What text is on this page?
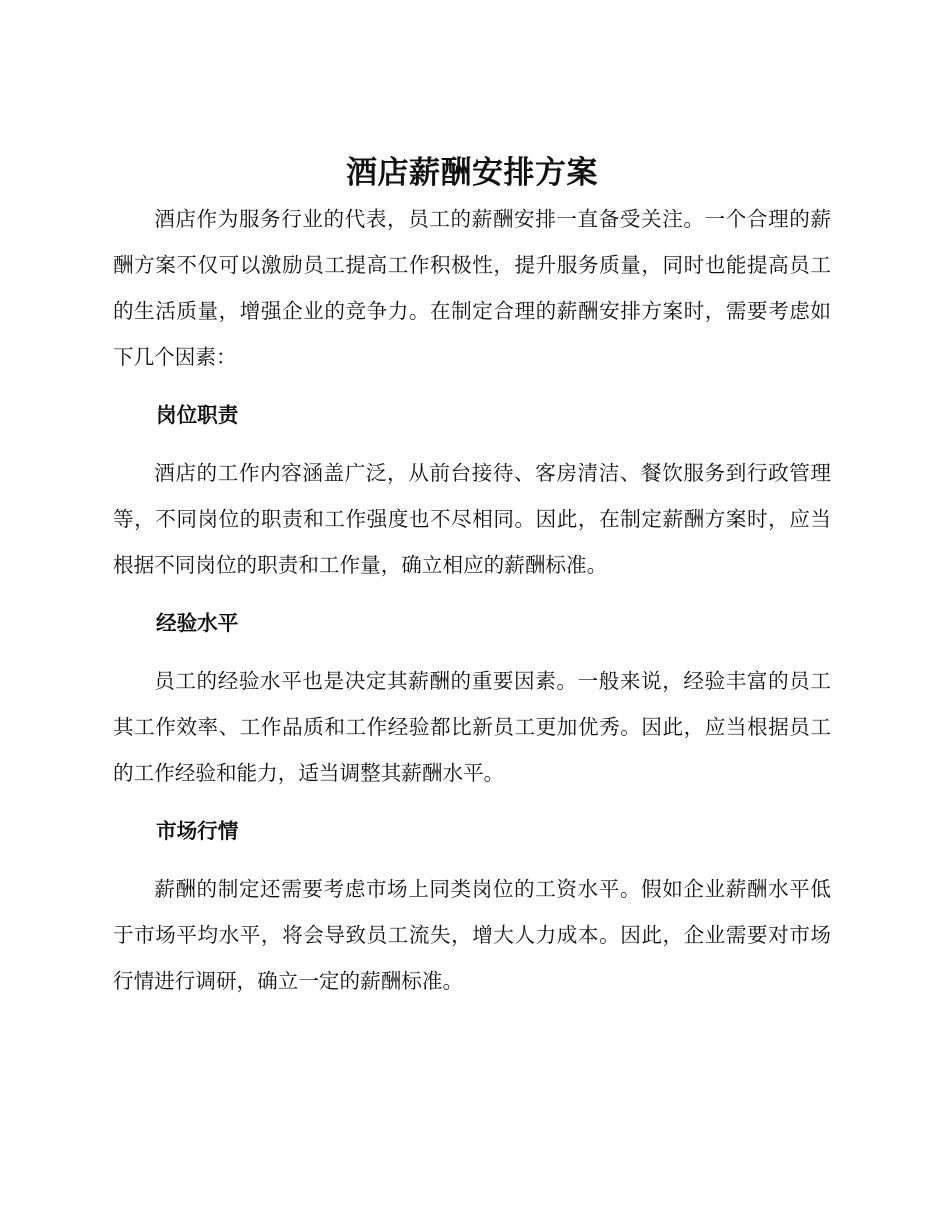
酒店薪酬安排方案

酒店作为服务行业的代表，员工的薪酬安排一直备受关注。一个合理的薪酬方案不仅可以激励员工提高工作积极性，提升服务质量，同时也能提高员工的生活质量，增强企业的竞争力。在制定合理的薪酬安排方案时，需要考虑如下几个因素：

岗位职责

酒店的工作内容涵盖广泛，从前台接待、客房清洁、餐饮服务到行政管理等，不同岗位的职责和工作强度也不尽相同。因此，在制定薪酬方案时，应当根据不同岗位的职责和工作量，确立相应的薪酬标准。

经验水平

员工的经验水平也是决定其薪酬的重要因素。一般来说，经验丰富的员工其工作效率、工作品质和工作经验都比新员工更加优秀。因此，应当根据员工的工作经验和能力，适当调整其薪酬水平。

市场行情

薪酬的制定还需要考虑市场上同类岗位的工资水平。假如企业薪酬水平低于市场平均水平，将会导致员工流失，增大人力成本。因此，企业需要对市场行情进行调研，确立一定的薪酬标准。
